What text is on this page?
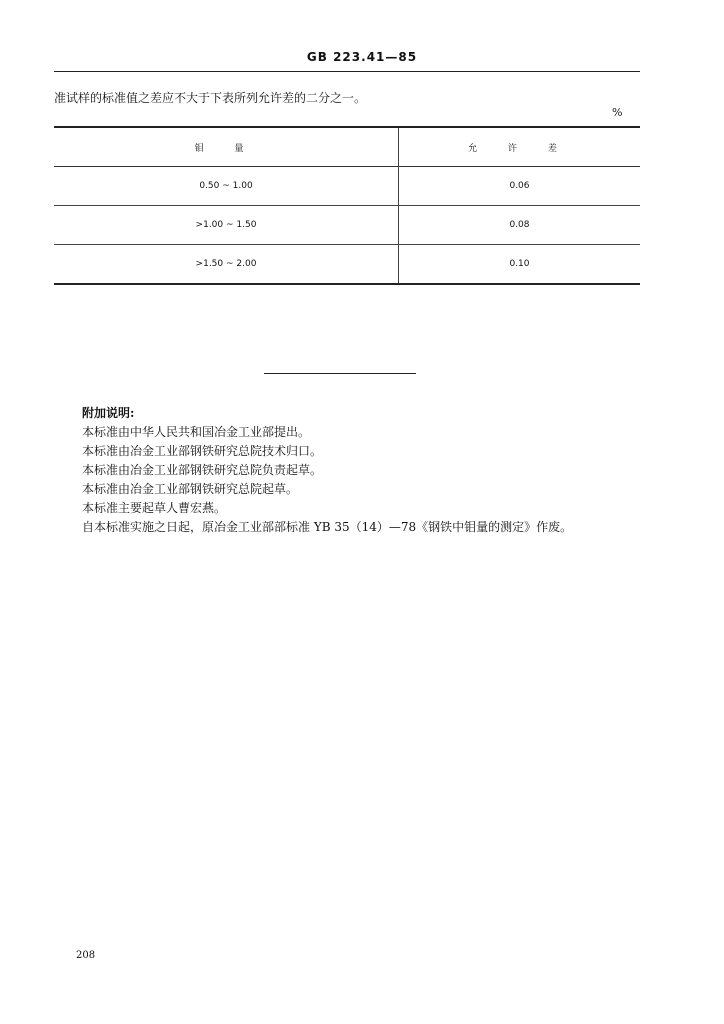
GB 223.41—85
准试样的标准值之差应不大于下表所列允许差的二分之一。
%
钼 量	允 许 差
0.50 ~ 1.00	0.06
>1.00 ~ 1.50	0.08
>1.50 ~ 2.00	0.10
附加说明:
本标准由中华人民共和国冶金工业部提出。
本标准由冶金工业部钢铁研究总院技术归口。
本标准由冶金工业部钢铁研究总院负责起草。
本标准由冶金工业部钢铁研究总院起草。
本标准主要起草人曹宏燕。
自本标准实施之日起，原冶金工业部部标准 YB 35（14）—78《钢铁中钼量的测定》作废。
208
